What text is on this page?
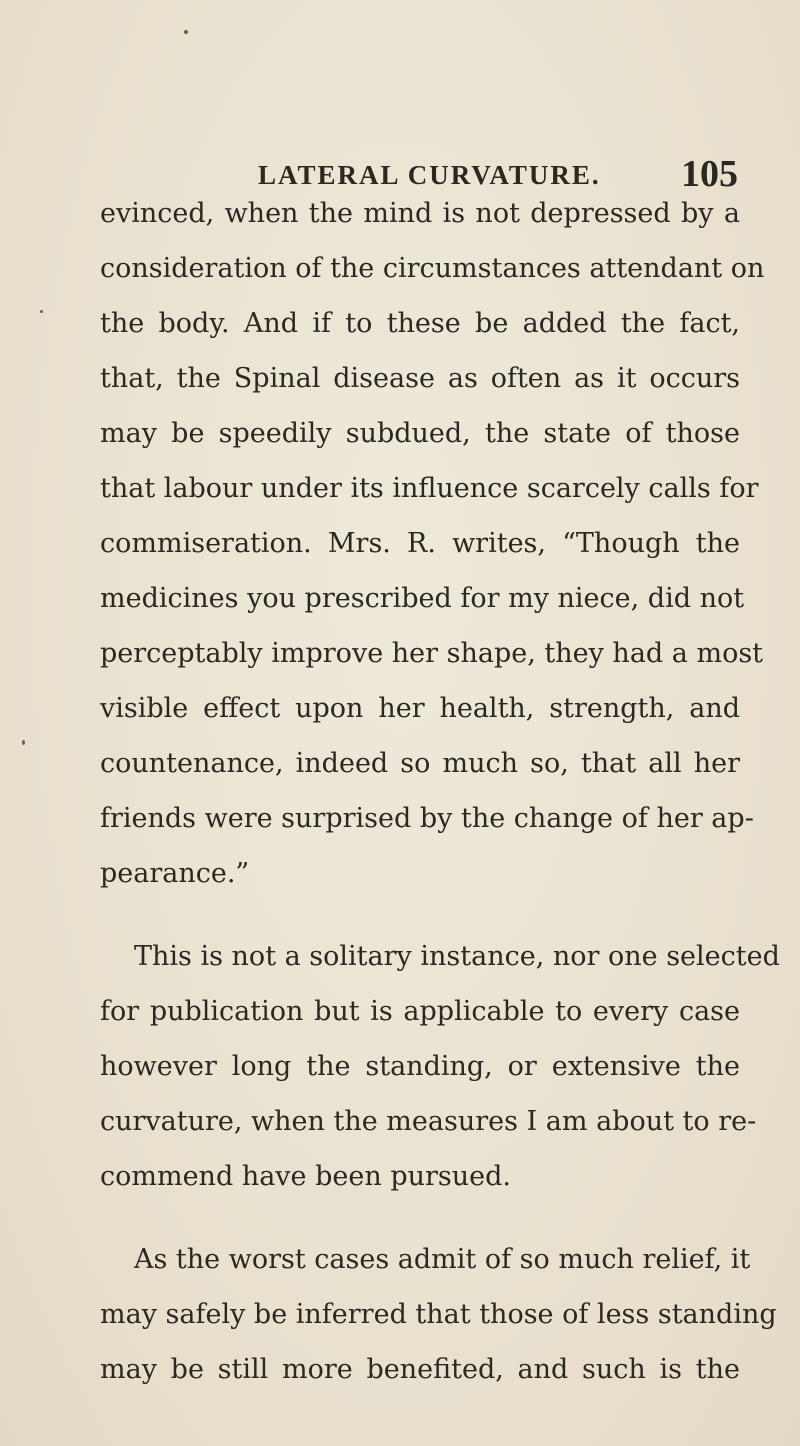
LATERAL CURVATURE. 105
evinced, when the mind is not depressed by a
consideration of the circumstances attendant on
the body. And if to these be added the fact,
that, the Spinal disease as often as it occurs
may be speedily subdued, the state of those
that labour under its influence scarcely calls for
commiseration. Mrs. R. writes, “Though the
medicines you prescribed for my niece, did not
perceptably improve her shape, they had a most
visible effect upon her health, strength, and
countenance, indeed so much so, that all her
friends were surprised by the change of her ap-
pearance.”
This is not a solitary instance, nor one selected
for publication but is applicable to every case
however long the standing, or extensive the
curvature, when the measures I am about to re-
commend have been pursued.
As the worst cases admit of so much relief, it
may safely be inferred that those of less standing
may be still more benefited, and such is the
